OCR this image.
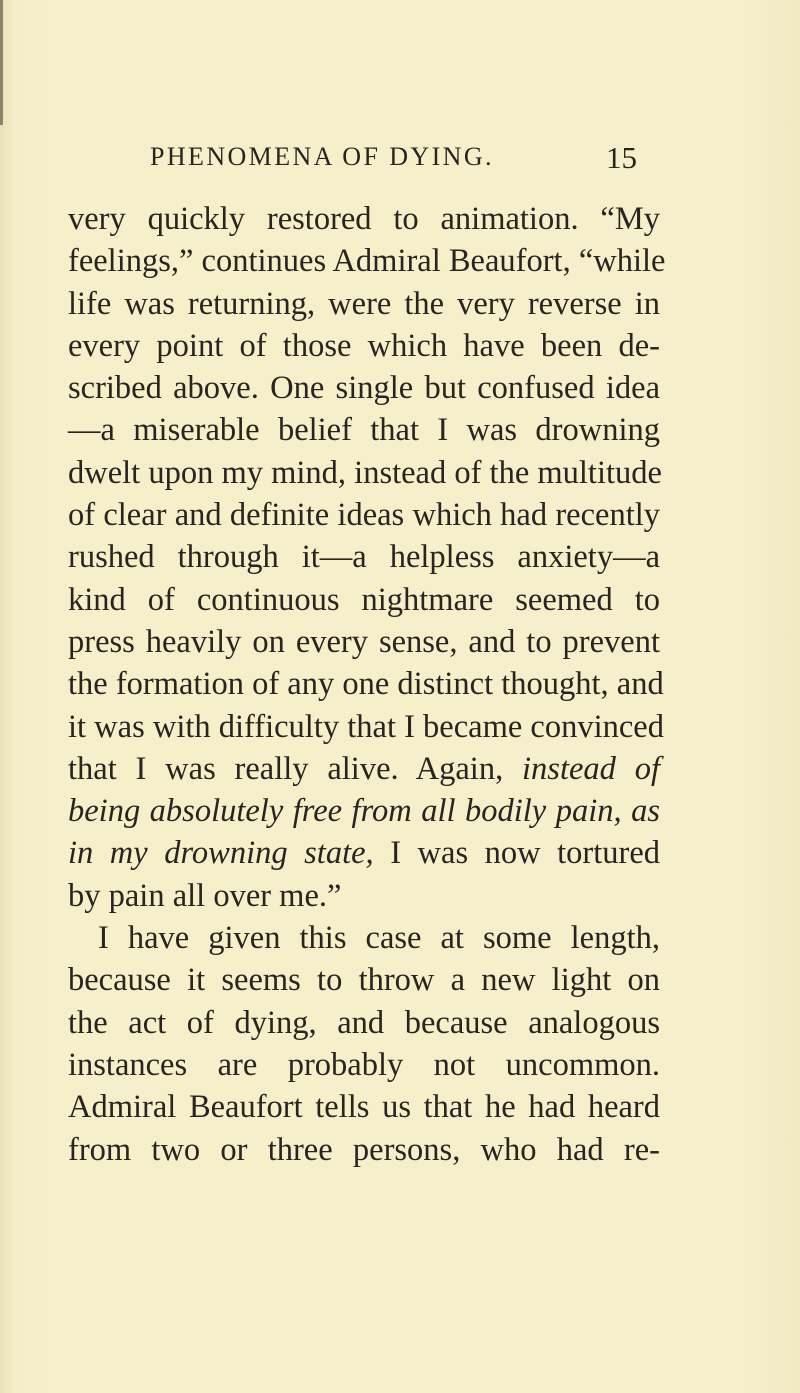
PHENOMENA OF DYING.	15
very quickly restored to animation. “My
feelings,” continues Admiral Beaufort, “while
life was returning, were the very reverse in
every point of those which have been de-
scribed above. One single but confused idea
—a miserable belief that I was drowning
dwelt upon my mind, instead of the multitude
of clear and definite ideas which had recently
rushed through it—a helpless anxiety—a
kind of continuous nightmare seemed to
press heavily on every sense, and to prevent
the formation of any one distinct thought, and
it was with difficulty that I became convinced
that I was really alive. Again, instead of
being absolutely free from all bodily pain, as
in my drowning state, I was now tortured
by pain all over me.”
I have given this case at some length,
because it seems to throw a new light on
the act of dying, and because analogous
instances are probably not uncommon.
Admiral Beaufort tells us that he had heard
from two or three persons, who had re-
